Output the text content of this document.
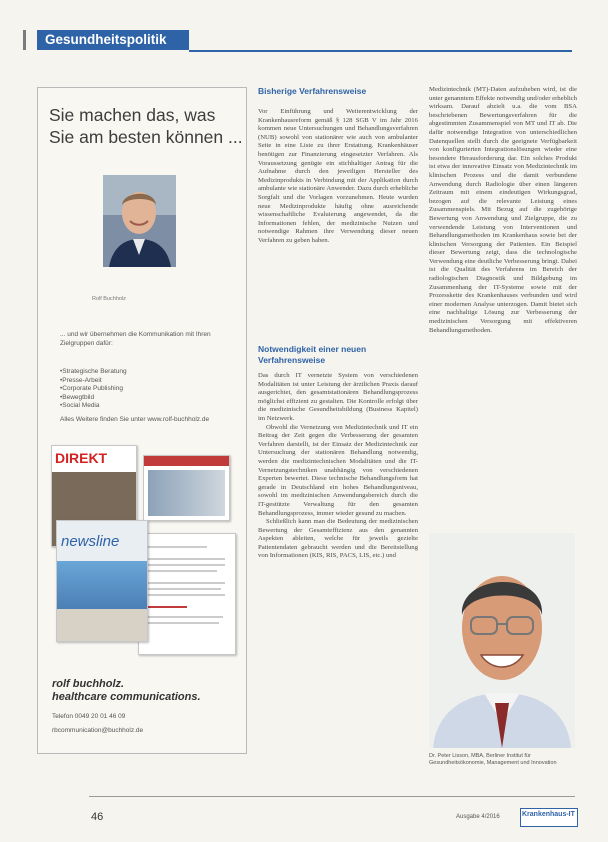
Gesundheitspolitik
Sie machen das, was Sie am besten können ...
Rolf Buchholz
... und wir übernehmen die Kommunikation mit Ihren Zielgruppen dafür:
• Strategische Beratung
• Presse-Arbeit
• Corporate Publishing
• Bewegtbild
• Social Media
Alles Weitere finden Sie unter www.rolf-buchholz.de
DIREKT
newsline
rolf buchholz.
healthcare communications.
Telefon 0049 20 01 46 09
rbcommunication@buchholz.de
Bisherige Verfahrensweise

Vor Einführung und Weiterentwicklung der Krankenhausreform gemäß § 128 SGB V im Jahr 2016 kommen neue Untersuchungen und Behandlungsverfahren (NUB) sowohl von stationärer wie auch von ambulanter Seite in eine Liste zu ihrer Erstattung. Krankenhäuser benötigen zur Finanzierung eingesetzter Verfahren. Als Voraussetzung genügte ein stichhaltiger Antrag für die Aufnahme durch den jeweiligen Hersteller des Medizinprodukts in Verbindung mit der Applikation durch ambulante wie stationäre Anwender. Dazu durch erhebliche Sorgfalt und die Vorlagen vorzunehmen. Heute wurden neue Medizinprodukte häufig ohne ausreichende wissenschaftliche Evaluierung angewendet, da die Informationen fehlen, der medizinische Nutzen und notwendige Rahmen ihre Verwendung dieser neuen Verfahren zu geben haben.

Notwendigkeit einer neuen Verfahrensweise

Das durch IT vernetzte System von verschiedenen Modalitäten ist unter Leistung der ärztlichen Praxis darauf ausgerichtet, den gesamtstationären Behandlungsprozess möglichst effizient zu gestalten. Die Kontrolle erfolgt über die medizinische Gesundheitsbildung (Business Kapitel) im Netzwerk.

Obwohl die Vernetzung von Medizintechnik und IT ein Beitrag der Zeit gegen die Verbesserung der gesamten Verfahren darstellt, ist der Einsatz der Medizintechnik zur Untersuchung der stationären Behandlung notwendig, werden die medizintechnischen Modalitäten und die IT-Vernetzungstechniken unabhängig von verschiedenen Experten bewertet. Diese technische Behandlungsform hat gerade in Deutschland ein hohes Behandlungsniveau, sowohl im medizinischen Anwendungsbereich durch die IT-gestützte Verwaltung für den gesamten Behandlungsprozess, immer wieder gesund zu machen.

Schließlich kann man die Bedeutung der medizinischen Bewertung der Gesamteffizienz aus den genannten Aspekten ableiten, welche für jeweils gezielte Patientendaten gebraucht werden und die Bereitstellung von Informationen (KIS, RIS, PACS, LIS, etc.) und

Medizintechnik (MT)-Daten aufzuheben wird, ist die unter genanntem Effekte notwendig und/oder erheblich wirksam. Darauf abzielt u.a. die vom BSA beschriebenen Bewertungsverfahren für die abgestimmten Zusammenspiel von MT und IT ab. Die dafür notwendige Integration von unterschiedlichen Datenquellen stellt durch die geeignete Verfügbarkeit von konfigurierten Integrationslösungen wieder eine besondere Herausforderung dar. Ein solches Produkt ist etwa der innovative Einsatz von Medizintechnik im klinischen Prozess und die damit verbundene Anwendung durch Radiologie über einen längeren Zeitraum mit einem eindeutigen Wirkungsgrad, bezogen auf die relevante Leistung eines Zusammenspiels. Mit Bezug auf die zugehörige Bewertung von Anwendung und Zielgruppe, die zu verwendende Leistung von Interventionen und Behandlungsmethoden im Krankenhaus sowie bei der klinischen Versorgung der Patienten. Ein Beispiel dieser Bewertung zeigt, dass die technologische Verwendung eine deutliche Verbesserung bringt. Dabei ist die Qualität des Verfahrens im Bereich der radiologischen Diagnostik und Bildgebung im Zusammenhang der IT-Systeme sowie mit der Prozesskette des Krankenhauses verbunden und wird einer modernen Analyse unterzogen. Damit bietet sich eine nachhaltige Lösung zur Verbesserung der medizinischen Versorgung mit effektiveren Behandlungsmethoden.

Dr. Peter Lisson, MBA, Berliner Institut für Gesundheitsökonomie, Management und Innovation
46	Ausgabe 4/2016	Krankenhaus-IT
